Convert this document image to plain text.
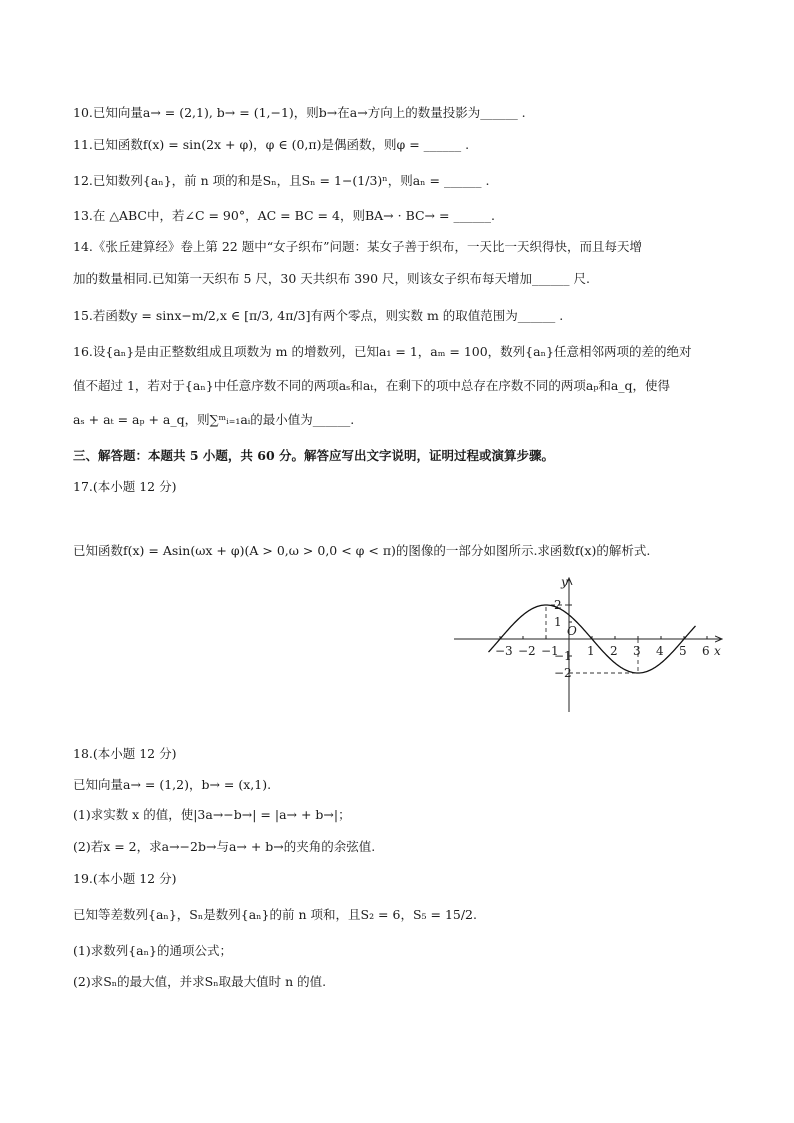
10.已知向量a→ = (2,1), b→ = (1,−1)，则b→在a→方向上的数量投影为______ .
11.已知函数f(x) = sin(2x + φ)，φ ∈ (0,π)是偶函数，则φ = ______ .
12.已知数列{aₙ}，前 n 项的和是Sₙ，且Sₙ = 1−(1/3)ⁿ，则aₙ = ______ .
13.在 △ABC中，若∠C = 90°，AC = BC = 4，则BA→ · BC→ = ______.
14.《张丘建算经》卷上第 22 题中“女子织布”问题：某女子善于织布，一天比一天织得快，而且每天增
加的数量相同.已知第一天织布 5 尺，30 天共织布 390 尺，则该女子织布每天增加______ 尺.
15.若函数y = sinx−m/2,x ∈ [π/3, 4π/3]有两个零点，则实数 m 的取值范围为______ .
16.设{aₙ}是由正整数组成且项数为 m 的增数列，已知a₁ = 1，aₘ = 100，数列{aₙ}任意相邻两项的差的绝对
值不超过 1，若对于{aₙ}中任意序数不同的两项aₛ和aₜ，在剩下的项中总存在序数不同的两项aₚ和a_q，使得
aₛ + aₜ = aₚ + a_q，则∑ᵐᵢ₌₁aᵢ的最小值为______.
三、解答题：本题共 5 小题，共 60 分。解答应写出文字说明，证明过程或演算步骤。
17.(本小题 12 分)
已知函数f(x) = Asin(ωx + φ)(A > 0,ω > 0,0 < φ < π)的图像的一部分如图所示.求函数f(x)的解析式.
x
y
O
−3 −2 −1 1 2 3 4 5 6
2
1
−1
−2
18.(本小题 12 分)
已知向量a→ = (1,2)，b→ = (x,1).
(1)求实数 x 的值，使|3a→−b→| = |a→ + b→|；
(2)若x = 2，求a→−2b→与a→ + b→的夹角的余弦值.
19.(本小题 12 分)
已知等差数列{aₙ}，Sₙ是数列{aₙ}的前 n 项和，且S₂ = 6，S₅ = 15/2.
(1)求数列{aₙ}的通项公式；
(2)求Sₙ的最大值，并求Sₙ取最大值时 n 的值.
